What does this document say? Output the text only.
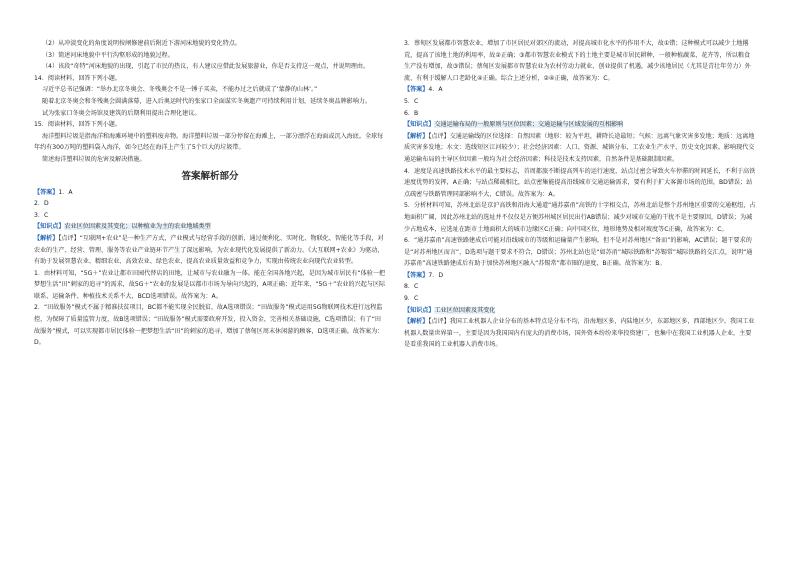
（2）从冲淡变化的角度说明按闸修建前后附近下游河床地貌的变化特点。

（3）简述河床地貌中平行沟壑形成的地貌过程。

（4）该段“奇特”河床地貌的出现，引起了市民的热议，有人建议应借此发展旅游业，你是否支持这一观点，并说明理由。

14．阅读材料，回答下列小题。

习近平总书记强调：“举办北京冬奥会、冬残奥会不是一锤子买卖，不能办过之后就成了‘蒙静的山林’。”

随着北京冬奥会和冬残奥会圆满落幕，进入后奥运时代的张家口全面谋实冬奥遗产可持续利用计划，延续冬奥品牌影响力。

试为张家口冬奥会场馆及建筑的后期利用提出合理化建议。

15．阅读材料，回答下列小题。

海洋塑料垃圾是指海洋和海滩环境中的塑料废弃物。海洋塑料垃圾一部分停留在海滩上，一部分漂浮在海面或沉入海底。全球每年约有300万吨的塑料袋入海洋，如今已经在海洋上产生了5个巨大的垃圾带。

简述海洋塑料垃圾的危害及解决措施。

答案解析部分

【答案】1．A

2．D

3．C

【知识点】农业区位因素及其变化；以种植业为主的农业地域类型

【解析】【点评】“互联网+农业”是一种生产方式，产业模式与经营手段的创新，通过便利化、实时化、物联化、智能化等手段，对农业的生产、经营、管理、服务等农业产业链环节产生了深远影响，为农业现代化发展提供了新动力。《大互联网+农业》为驱动，有助于发展智慧农业、精细农业、高效农业、绿色农业，提高农业质量效益和竞争力，实现由传统农业向现代农业转型。

1．由材料可知，“5G＋”农业让都市田园代替店的田地，让城市与农业融为一体。能在全国各地兴起，是因为城市居民有“体验一把梦想生活”田“刺家的追寻”的需求，故5G＋“农业的发展是以都市市场为导向兴起的，A项正确；近年来，“5G＋”农业的兴起与区际联系、运输条件、种植技术关系不大，BCD选项错误。故答案为：A。

2．“田故服务”模式不属于精准扶贫项目，BC都不能实现全民脱贫，故A选项错误；“田故服务”模式运用5G物联网技术进行远程监控，为保障了质量监管力度，故B选项错误；“田故服务”模式需要政府开发，投入资金，完善相关基础设施，C选项错误；有了“田故服务”模式，可以实现都市居民体验一把梦想生活“田”的刺家的追寻，增加了蔡甸区周末休闲游的顾客，D选项正确。故答案为：D。

3．蔡甸区发展都市智慧农业，增加了市区居民对郊区的流动，对提高城市化水平的作用不大，故①错；这种模式可以减少土地撂荒，提高了该地土地的利用率，故②正确；③都市智慧农业模式下的土地主要是城市居民耕种，一般种植蔬菜、花卉等，所以粮食生产没有增加，故③错误；蔡甸区发展都市智慧农业为农村劳动力就业、创业提供了机遇，减少该地居民（尤其是青壮年劳力）外流，有利于缓解人口老龄化④正确。综合上述分析，②④正确，故答案为：C。

【答案】4．A

5．C

6．B

【知识点】交通运输布局的一般原则与区位因素；交通运输与区域发展的互相影响

【解析】【点评】交通运输线的区位选择：自然因素（地形：较为平坦，耕降长途最短；气候：远离气象灾害多发地；地质：远离地质灾害多发地；水文：选线短区江河较少）；社会经济因素：人口、资源、城镇分布、工农业生产水平、历史文化因素。影响现代交通运输布局的主导区位因素一般均为社会经济因素；科技是技术支持因素，自然条件是基础限制因素。

4．速度是高速铁路技术水平的最主要标志，首周都旅不断提高列车的运行速度，站点过密会导致火车停滞的时间延长，不利于高铁速度优势的发挥，A正确；与站点稀疏相比，站点密集能提高沿线城市交通运输需求，要有利于扩大客源市场的范围，BD错误；站点疏密与铁路管理同部影响不大，C错误。故答案为：A。

5．分析材料可知，苏州北站是京沪高铁和沿海大通道“通苏嘉甬”高铁的十字相交点，苏州北站是整个苏州地区重要的交通枢纽，占地面积广阔，因此苏州北站的选址并不仅仅是方便苏州城区居民出行AB错误；减少对城市交通的干扰不是主要原因，D错误；为减少占地成本，应选址在距市土地面积大的城市边缘区C正确；向中国区位，地形地势及相对坡度等C正确，故答案为：C。

6．“通苏嘉甬”高速铁路建成后可能对沿线城市的等级和运输量产生影响，但不是对苏州地区“备而”的影响，AC错误；题干要求的是“对苏州地区而言”，D选项与题干要求不符合，D错误；苏州北站也是“如苏甬”城际铁路和“苏锡常”城际铁路的交汇点，说明“通苏嘉甬”高速铁路建成后有助于加快苏州地区融入“苏锡常”都市圈的速度，B正确。故答案为：B。

【答案】7．D

8．C

9．C

【知识点】工业区位因素及其变化

【解析】【点评】我国工业机器人企业分布的基本特点是分布不均，沿海地区多，内陆地区少，东部地区多，西部地区少。我国工业机器人数量世界第一，主要是因为我国国内有庞大的消费市场，国外资本纷纷来华投资建厂，也集中在我国工业机器人企业，主要是看重我国的工业机器人消费市场。
